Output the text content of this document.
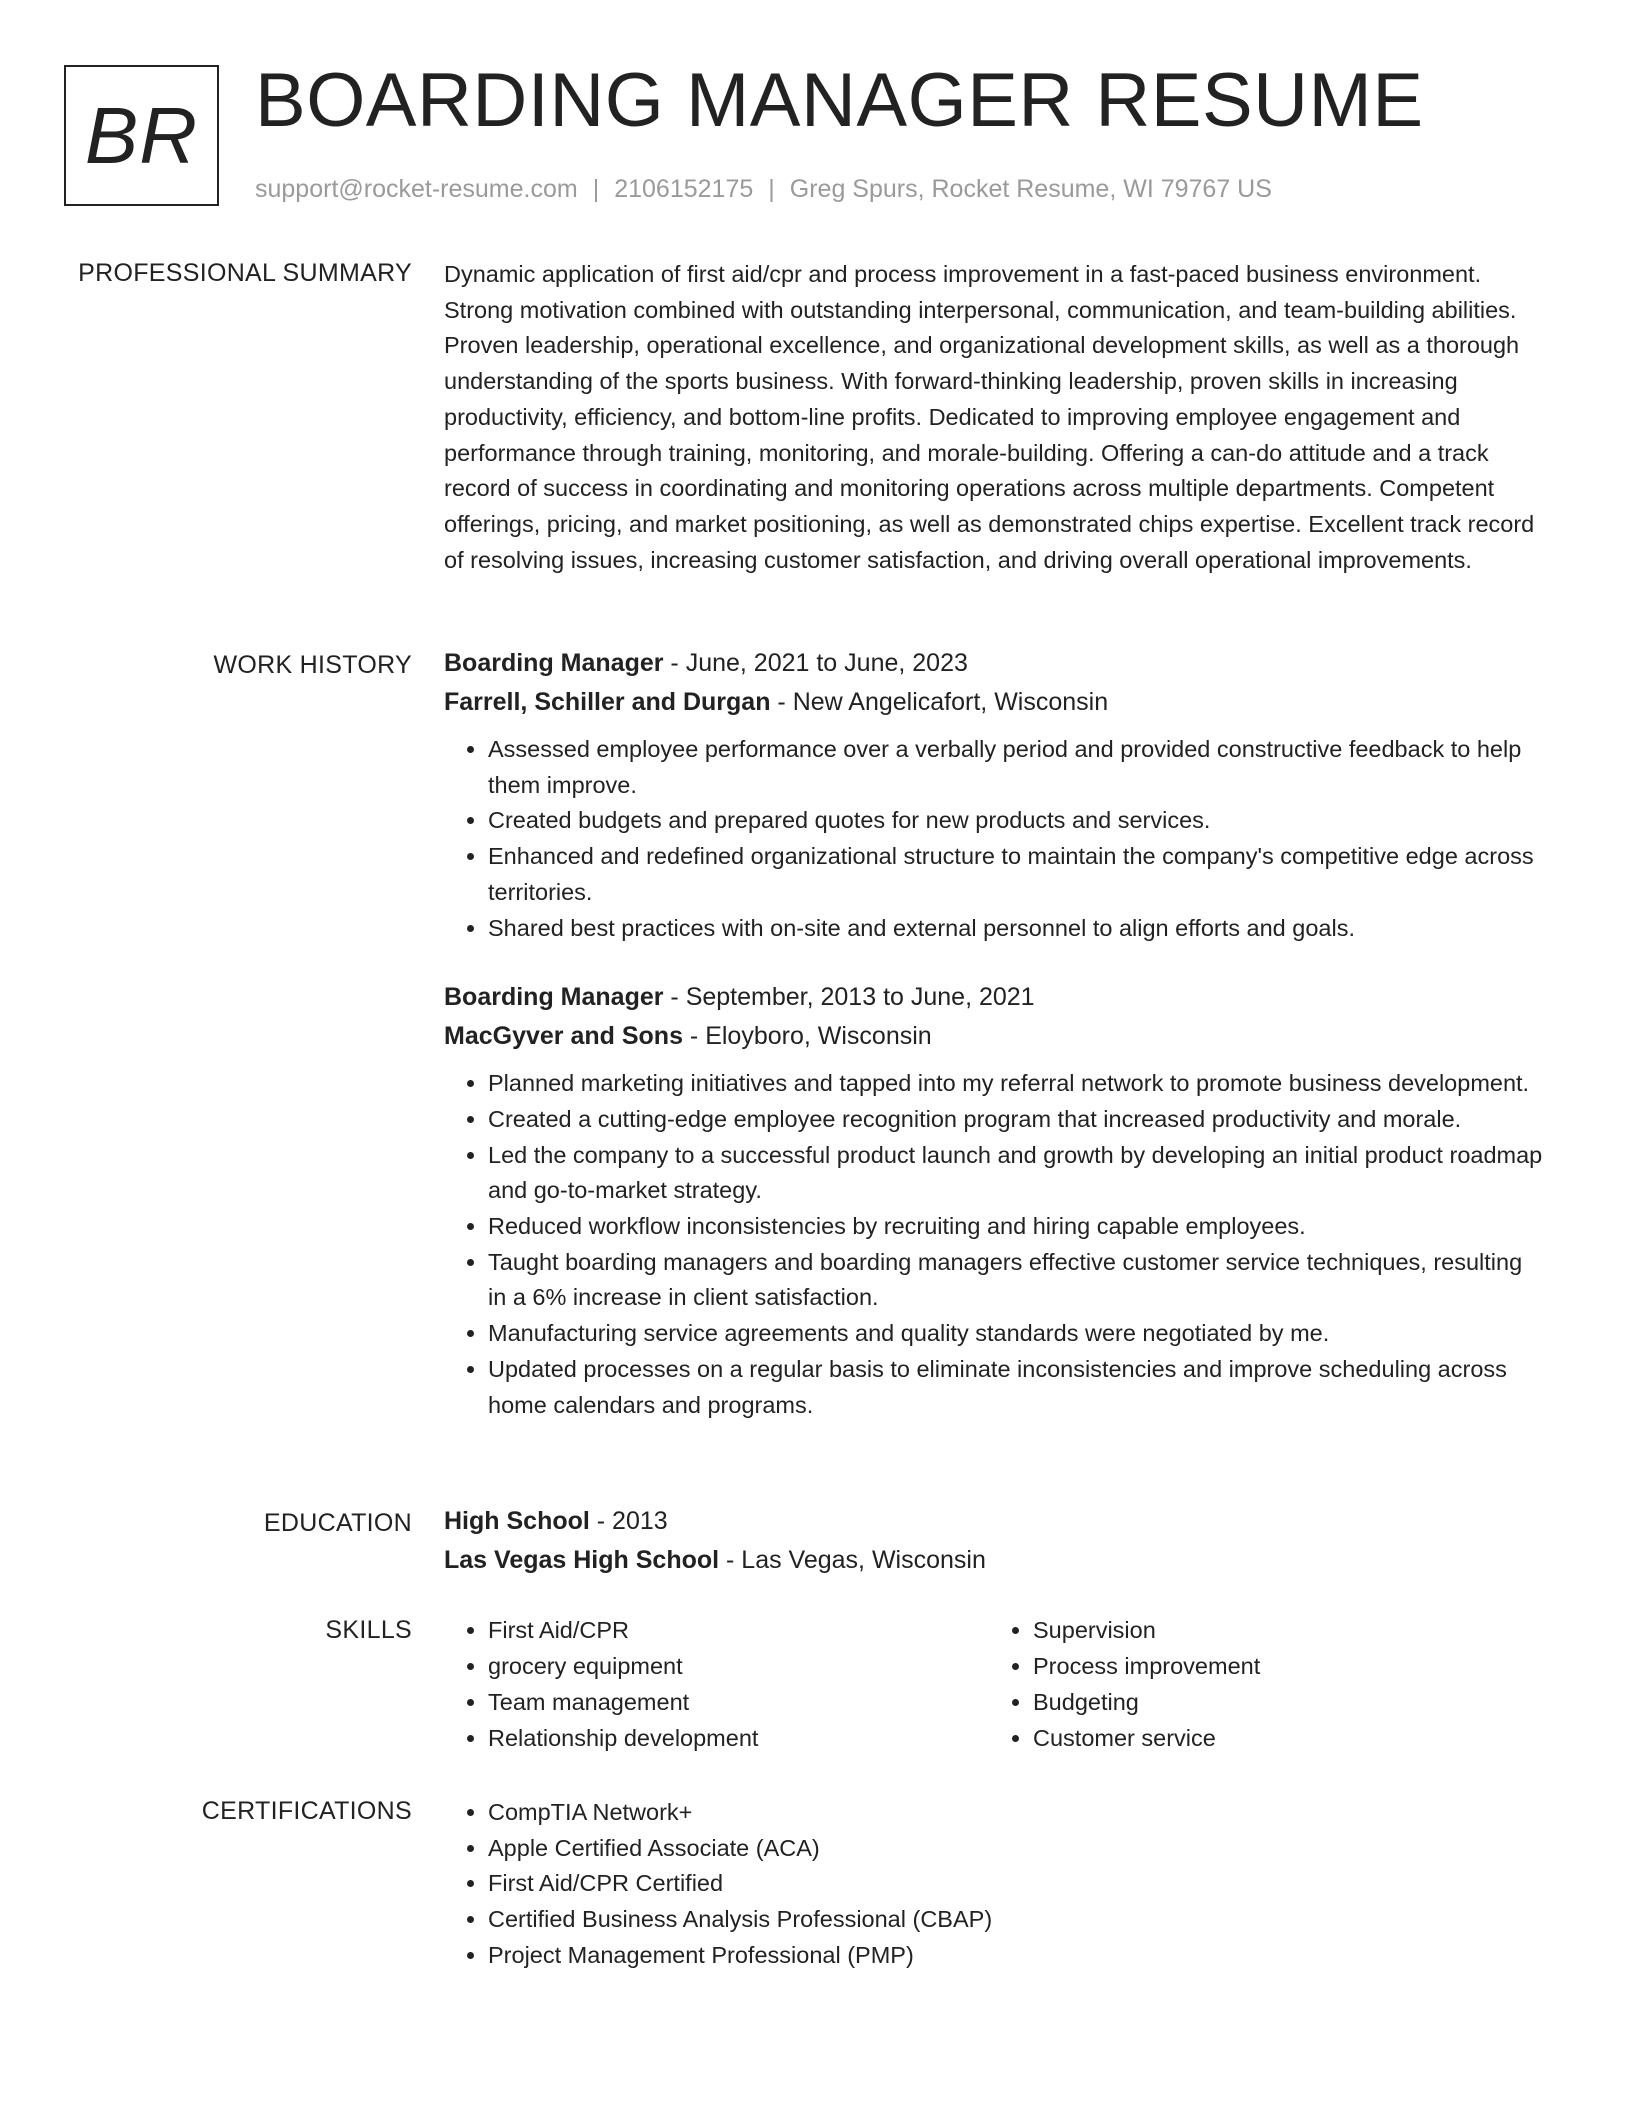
BR BOARDING MANAGER RESUME
support@rocket-resume.com | 2106152175 | Greg Spurs, Rocket Resume, WI 79767 US
PROFESSIONAL SUMMARY Dynamic application of first aid/cpr and process improvement in a fast-paced business environment. Strong motivation combined with outstanding interpersonal, communication, and team-building abilities. Proven leadership, operational excellence, and organizational development skills, as well as a thorough understanding of the sports business. With forward-thinking leadership, proven skills in increasing productivity, efficiency, and bottom-line profits. Dedicated to improving employee engagement and performance through training, monitoring, and morale-building. Offering a can-do attitude and a track record of success in coordinating and monitoring operations across multiple departments. Competent offerings, pricing, and market positioning, as well as demonstrated chips expertise. Excellent track record of resolving issues, increasing customer satisfaction, and driving overall operational improvements.

WORK HISTORY Boarding Manager - June, 2021 to June, 2023

Farrell, Schiller and Durgan - New Angelicafort, Wisconsin

• Assessed employee performance over a verbally period and provided constructive feedback to help them improve.
• Created budgets and prepared quotes for new products and services.
• Enhanced and redefined organizational structure to maintain the company's competitive edge across territories.
• Shared best practices with on-site and external personnel to align efforts and goals.

Boarding Manager - September, 2013 to June, 2021

MacGyver and Sons - Eloyboro, Wisconsin

• Planned marketing initiatives and tapped into my referral network to promote business development.
• Created a cutting-edge employee recognition program that increased productivity and morale.
• Led the company to a successful product launch and growth by developing an initial product roadmap and go-to-market strategy.
• Reduced workflow inconsistencies by recruiting and hiring capable employees.
• Taught boarding managers and boarding managers effective customer service techniques, resulting in a 6% increase in client satisfaction.
• Manufacturing service agreements and quality standards were negotiated by me.
• Updated processes on a regular basis to eliminate inconsistencies and improve scheduling across home calendars and programs.
EDUCATION High School - 2013

Las Vegas High School - Las Vegas, Wisconsin

SKILLS	• First Aid/CPR
• grocery equipment
• Team management
• Relationship development
• Supervision
• Process improvement
• Budgeting
• Customer service
CERTIFICATIONS	• CompTIA Network+
• Apple Certified Associate (ACA)
• First Aid/CPR Certified
• Certified Business Analysis Professional (CBAP)
• Project Management Professional (PMP)
